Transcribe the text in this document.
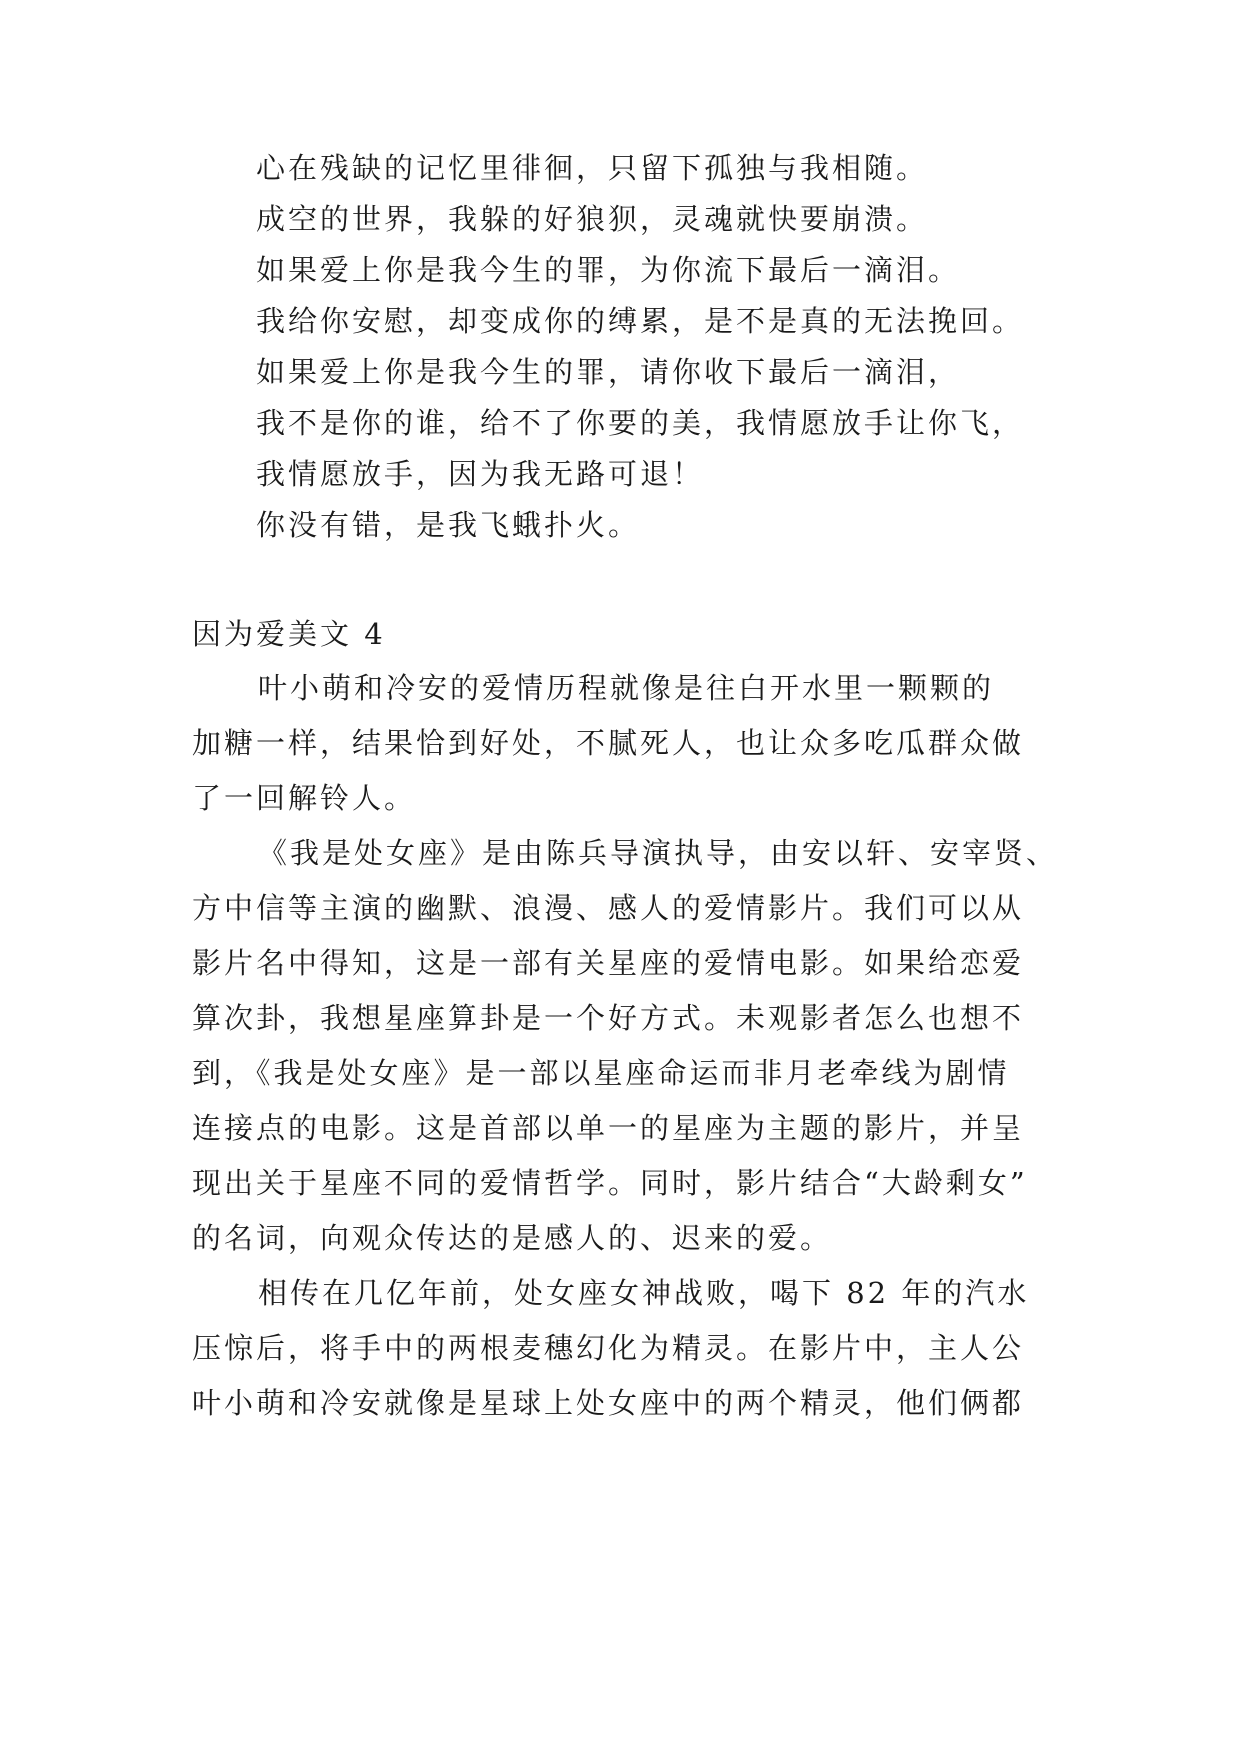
心在残缺的记忆里徘徊，只留下孤独与我相随。
成空的世界，我躲的好狼狈，灵魂就快要崩溃。
如果爱上你是我今生的罪，为你流下最后一滴泪。
我给你安慰，却变成你的缚累，是不是真的无法挽回。
如果爱上你是我今生的罪，请你收下最后一滴泪，
我不是你的谁，给不了你要的美，我情愿放手让你飞，
我情愿放手，因为我无路可退！
你没有错，是我飞蛾扑火。
因为爱美文 4
叶小萌和冷安的爱情历程就像是往白开水里一颗颗的
加糖一样，结果恰到好处，不腻死人，也让众多吃瓜群众做
了一回解铃人。
《我是处女座》是由陈兵导演执导，由安以轩、安宰贤、
方中信等主演的幽默、浪漫、感人的爱情影片。我们可以从
影片名中得知，这是一部有关星座的爱情电影。如果给恋爱
算次卦，我想星座算卦是一个好方式。未观影者怎么也想不
到，《我是处女座》是一部以星座命运而非月老牵线为剧情
连接点的电影。这是首部以单一的星座为主题的影片，并呈
现出关于星座不同的爱情哲学。同时，影片结合“大龄剩女”
的名词，向观众传达的是感人的、迟来的爱。
相传在几亿年前，处女座女神战败，喝下 82 年的汽水
压惊后，将手中的两根麦穗幻化为精灵。在影片中，主人公
叶小萌和冷安就像是星球上处女座中的两个精灵，他们俩都
